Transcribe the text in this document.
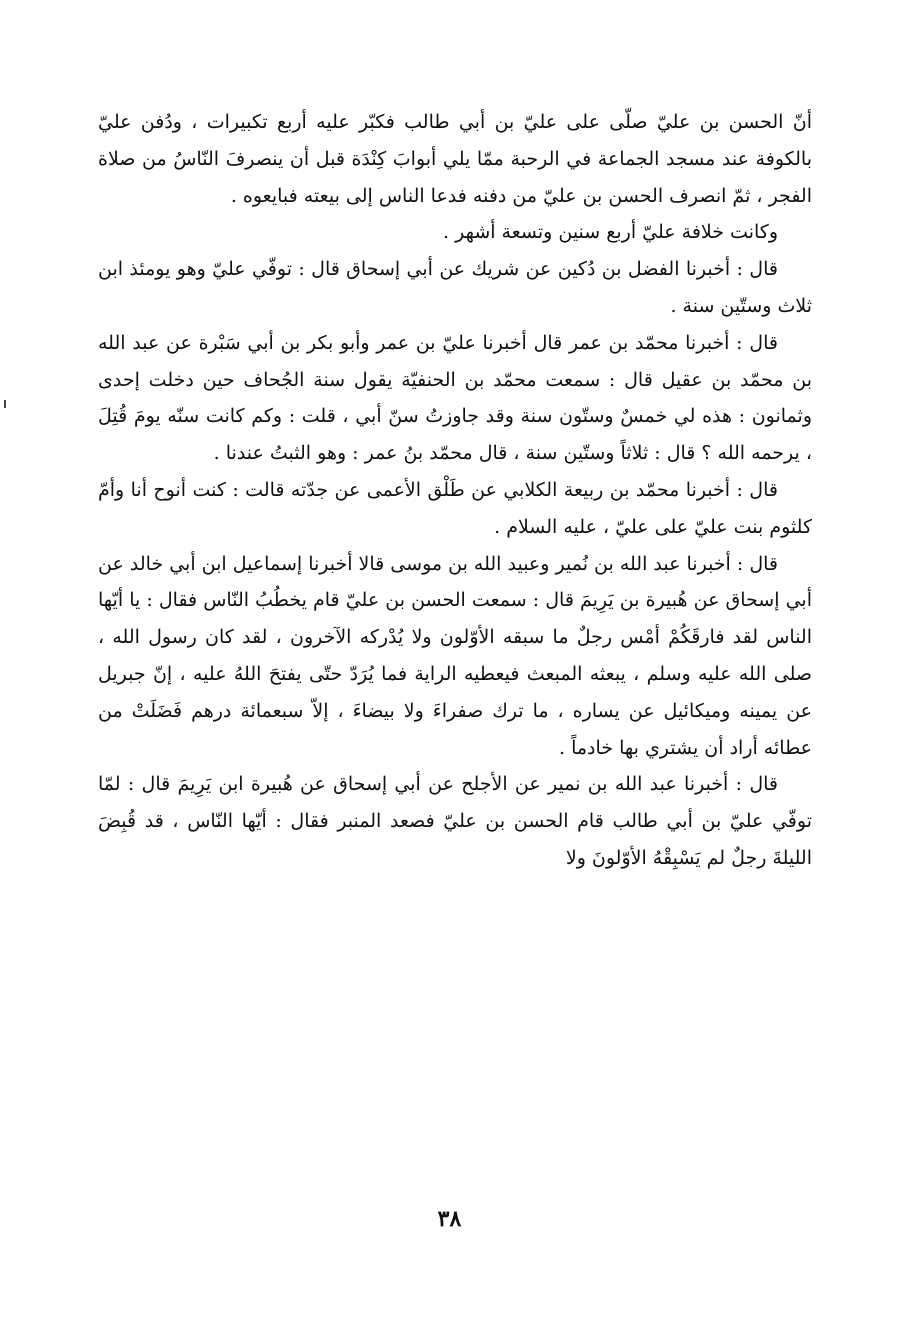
أنّ الحسن بن عليّ صلّى على عليّ بن أبي طالب فكبّر عليه أربع تكبيرات ، ودُفن عليّ بالكوفة عند مسجد الجماعة في الرحبة ممّا يلي أبوابَ كِنْدَة قبل أن ينصرفَ النّاسُ من صلاة الفجر ، ثمّ انصرف الحسن بن عليّ من دفنه فدعا الناس إلى بيعته فبايعوه .

وكانت خلافة عليّ أربع سنين وتسعة أشهر .

قال : أخبرنا الفضل بن دُكين عن شريك عن أبي إسحاق قال : توفّي عليّ وهو يومئذ ابن ثلاث وستّين سنة .

قال : أخبرنا محمّد بن عمر قال أخبرنا عليّ بن عمر وأبو بكر بن أبي سَبْرة عن عبد الله بن محمّد بن عقيل قال : سمعت محمّد بن الحنفيّة يقول سنة الجُحاف حين دخلت إحدى وثمانون : هذه لي خمسٌ وستّون سنة وقد جاوزتُ سنّ أبي ، قلت : وكم كانت سنّه يومَ قُتِلَ ، يرحمه الله ؟ قال : ثلاثاً وستّين سنة ، قال محمّد بنُ عمر : وهو الثبتُ عندنا .

قال : أخبرنا محمّد بن ربيعة الكلابي عن طَلْق الأعمى عن جدّته قالت : كنت أنوح أنا وأمّ كلثوم بنت عليّ على عليّ ، عليه السلام .

قال : أخبرنا عبد الله بن نُمير وعبيد الله بن موسى قالا أخبرنا إسماعيل ابن أبي خالد عن أبي إسحاق عن هُبيرة بن يَرِيمَ قال : سمعت الحسن بن عليّ قام يخطُبُ النّاس فقال : يا أيّها الناس لقد فارقَكُمْ أمْس رجلٌ ما سبقه الأوّلون ولا يُدْركه الآخرون ، لقد كان رسول الله ، صلى الله عليه وسلم ، يبعثه المبعث فيعطيه الراية فما يُرَدّ حتّى يفتحَ اللهُ عليه ، إنّ جبريل عن يمينه وميكائيل عن يساره ، ما ترك صفراءَ ولا بيضاءَ ، إلاّ سبعمائة درهم فَضَلَتْ من عطائه أراد أن يشتري بها خادماً .

قال : أخبرنا عبد الله بن نمير عن الأجلح عن أبي إسحاق عن هُبيرة ابن يَرِيمَ قال : لمّا توفّي عليّ بن أبي طالب قام الحسن بن عليّ فصعد المنبر فقال : أيّها النّاس ، قد قُبِضَ الليلةَ رجلٌ لم يَسْبِقْهُ الأوّلونَ ولا

٣٨
